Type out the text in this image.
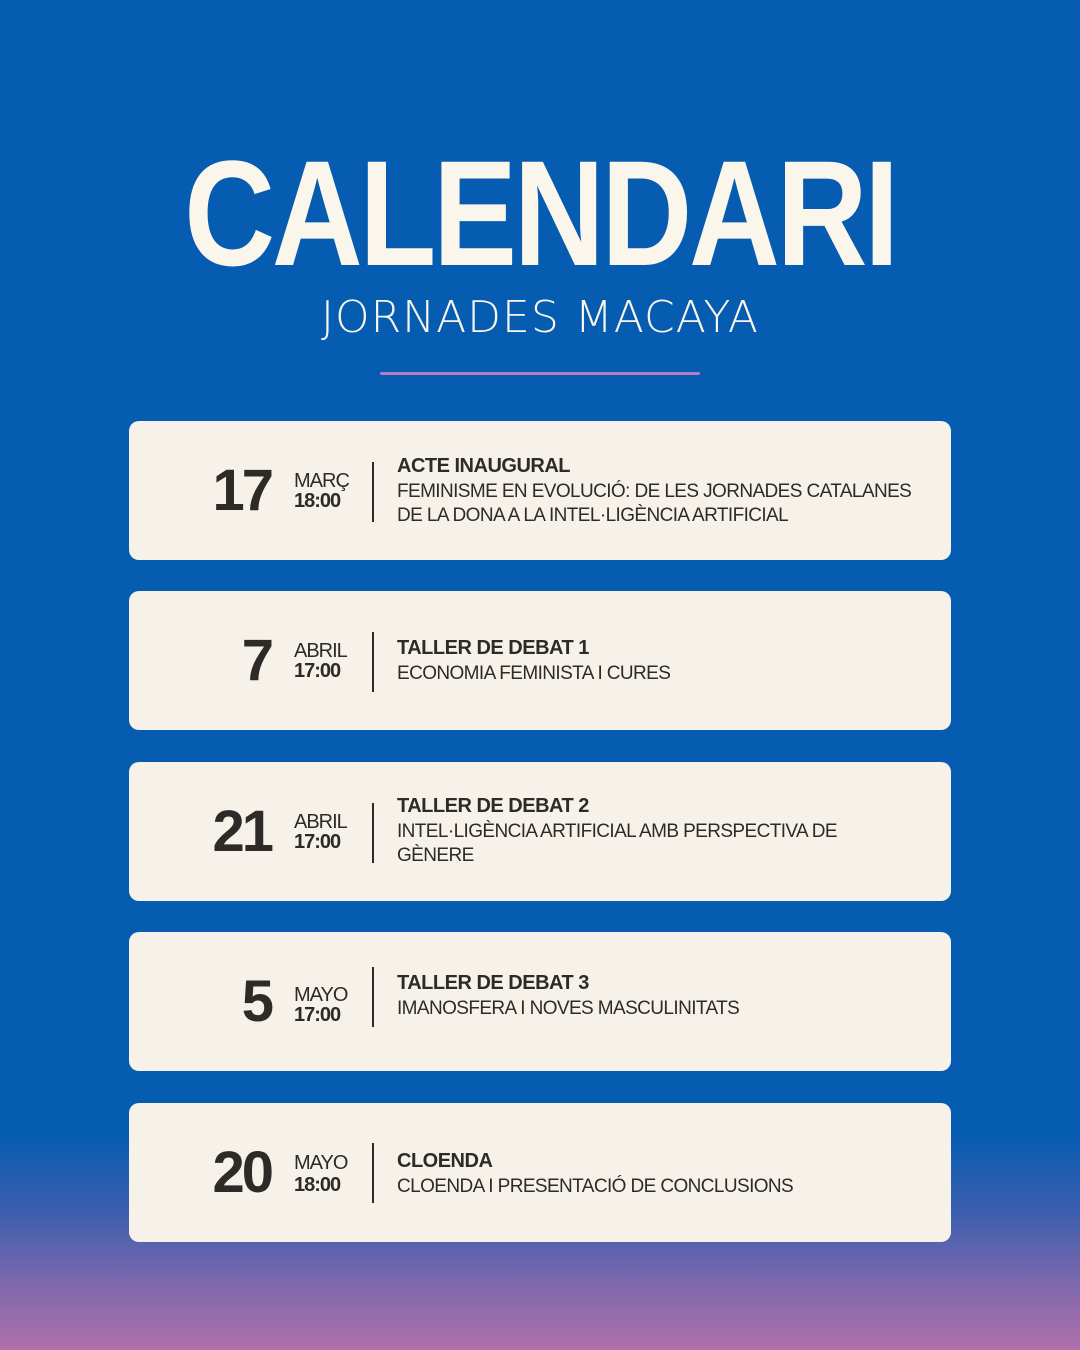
CALENDARI
JORNADES MACAYA
17 MARÇ
18:00
ACTE INAUGURAL
FEMINISME EN EVOLUCIÓ: DE LES JORNADES CATALANES DE LA DONA A LA INTEL·LIGÈNCIA ARTIFICIAL
7 ABRIL
17:00
TALLER DE DEBAT 1
ECONOMIA FEMINISTA I CURES
21 ABRIL
17:00
TALLER DE DEBAT 2
INTEL·LIGÈNCIA ARTIFICIAL AMB PERSPECTIVA DE GÈNERE
5 MAYO
17:00
TALLER DE DEBAT 3
IMANOSFERA I NOVES MASCULINITATS
20 MAYO
18:00
CLOENDA
CLOENDA I PRESENTACIÓ DE CONCLUSIONS
